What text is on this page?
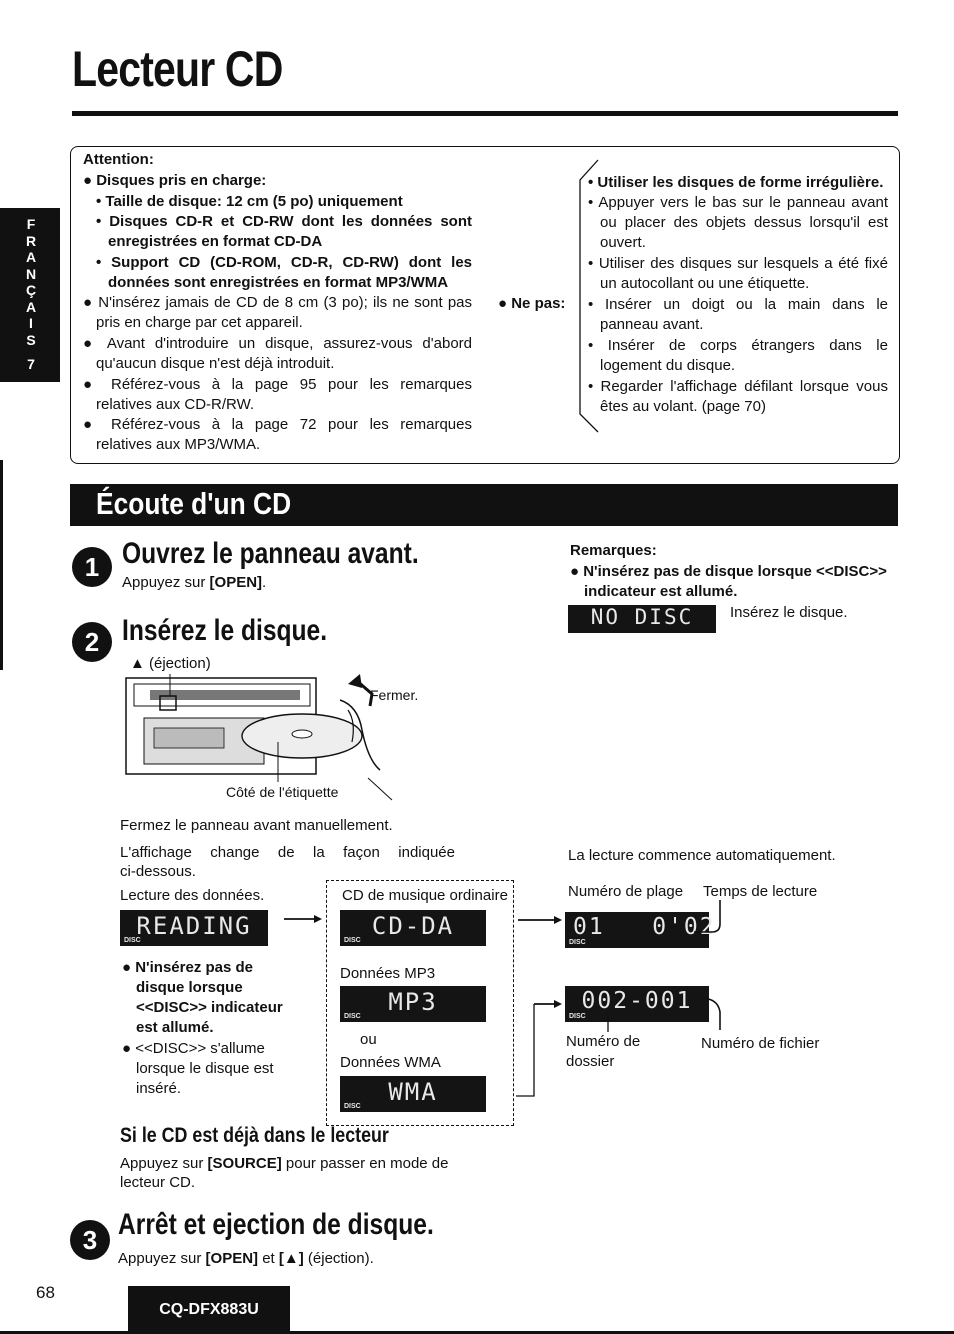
Lecteur CD
F
R
A
N
Ç
A
I
S
7
Attention:
● Disques pris en charge:
• Taille de disque: 12 cm (5 po) uniquement
• Disques CD-R et CD-RW dont les données sont
enregistrées en format CD-DA
• Support CD (CD-ROM, CD-R, CD-RW) dont les
données sont enregistrées en format MP3/WMA
● N'insérez jamais de CD de 8 cm (3 po); ils ne sont pas
pris en charge par cet appareil.
● Avant d'introduire un disque, assurez-vous d'abord
qu'aucun disque n'est déjà introduit.
● Référez-vous à la page 95 pour les remarques
relatives aux CD-R/RW.
● Référez-vous à la page 72 pour les remarques
relatives aux MP3/WMA.
● Ne pas:
• Utiliser les disques de forme irrégulière.
• Appuyer vers le bas sur le panneau avant
ou placer des objets dessus lorsqu'il est
ouvert.
• Utiliser des disques sur lesquels a été fixé
un autocollant ou une étiquette.
• Insérer un doigt ou la main dans le
panneau avant.
• Insérer de corps étrangers dans le
logement du disque.
• Regarder l'affichage défilant lorsque vous
êtes au volant. (page 70)
Écoute d'un CD
1 Ouvrez le panneau avant.
Appuyez sur [OPEN].
2 Insérez le disque.
▲ (éjection)
Fermer.
Côté de l'étiquette
Fermez le panneau avant manuellement.
L'affichage change de la façon indiquée
ci-dessous.
Lecture des données.
READING
DISC
● N'insérez pas de
disque lorsque
<<DISC>> indicateur
est allumé.
● <<DISC>> s'allume
lorsque le disque est
inséré.
CD de musique ordinaire
CD-DA
DISC
Données MP3
MP3
DISC
ou
Données WMA
WMA
DISC
Si le CD est déjà dans le lecteur
Appuyez sur [SOURCE] pour passer en mode de
lecteur CD.
Remarques:
● N'insérez pas de disque lorsque <<DISC>>
indicateur est allumé.
NO DISC	Insérez le disque.
La lecture commence automatiquement.
Numéro de plage Temps de lecture
01   0'02
DISC
002-001
DISC
Numéro de
dossier
Numéro de fichier
3 Arrêt et ejection de disque.
Appuyez sur [OPEN] et [▲] (éjection).
68
CQ-DFX883U
